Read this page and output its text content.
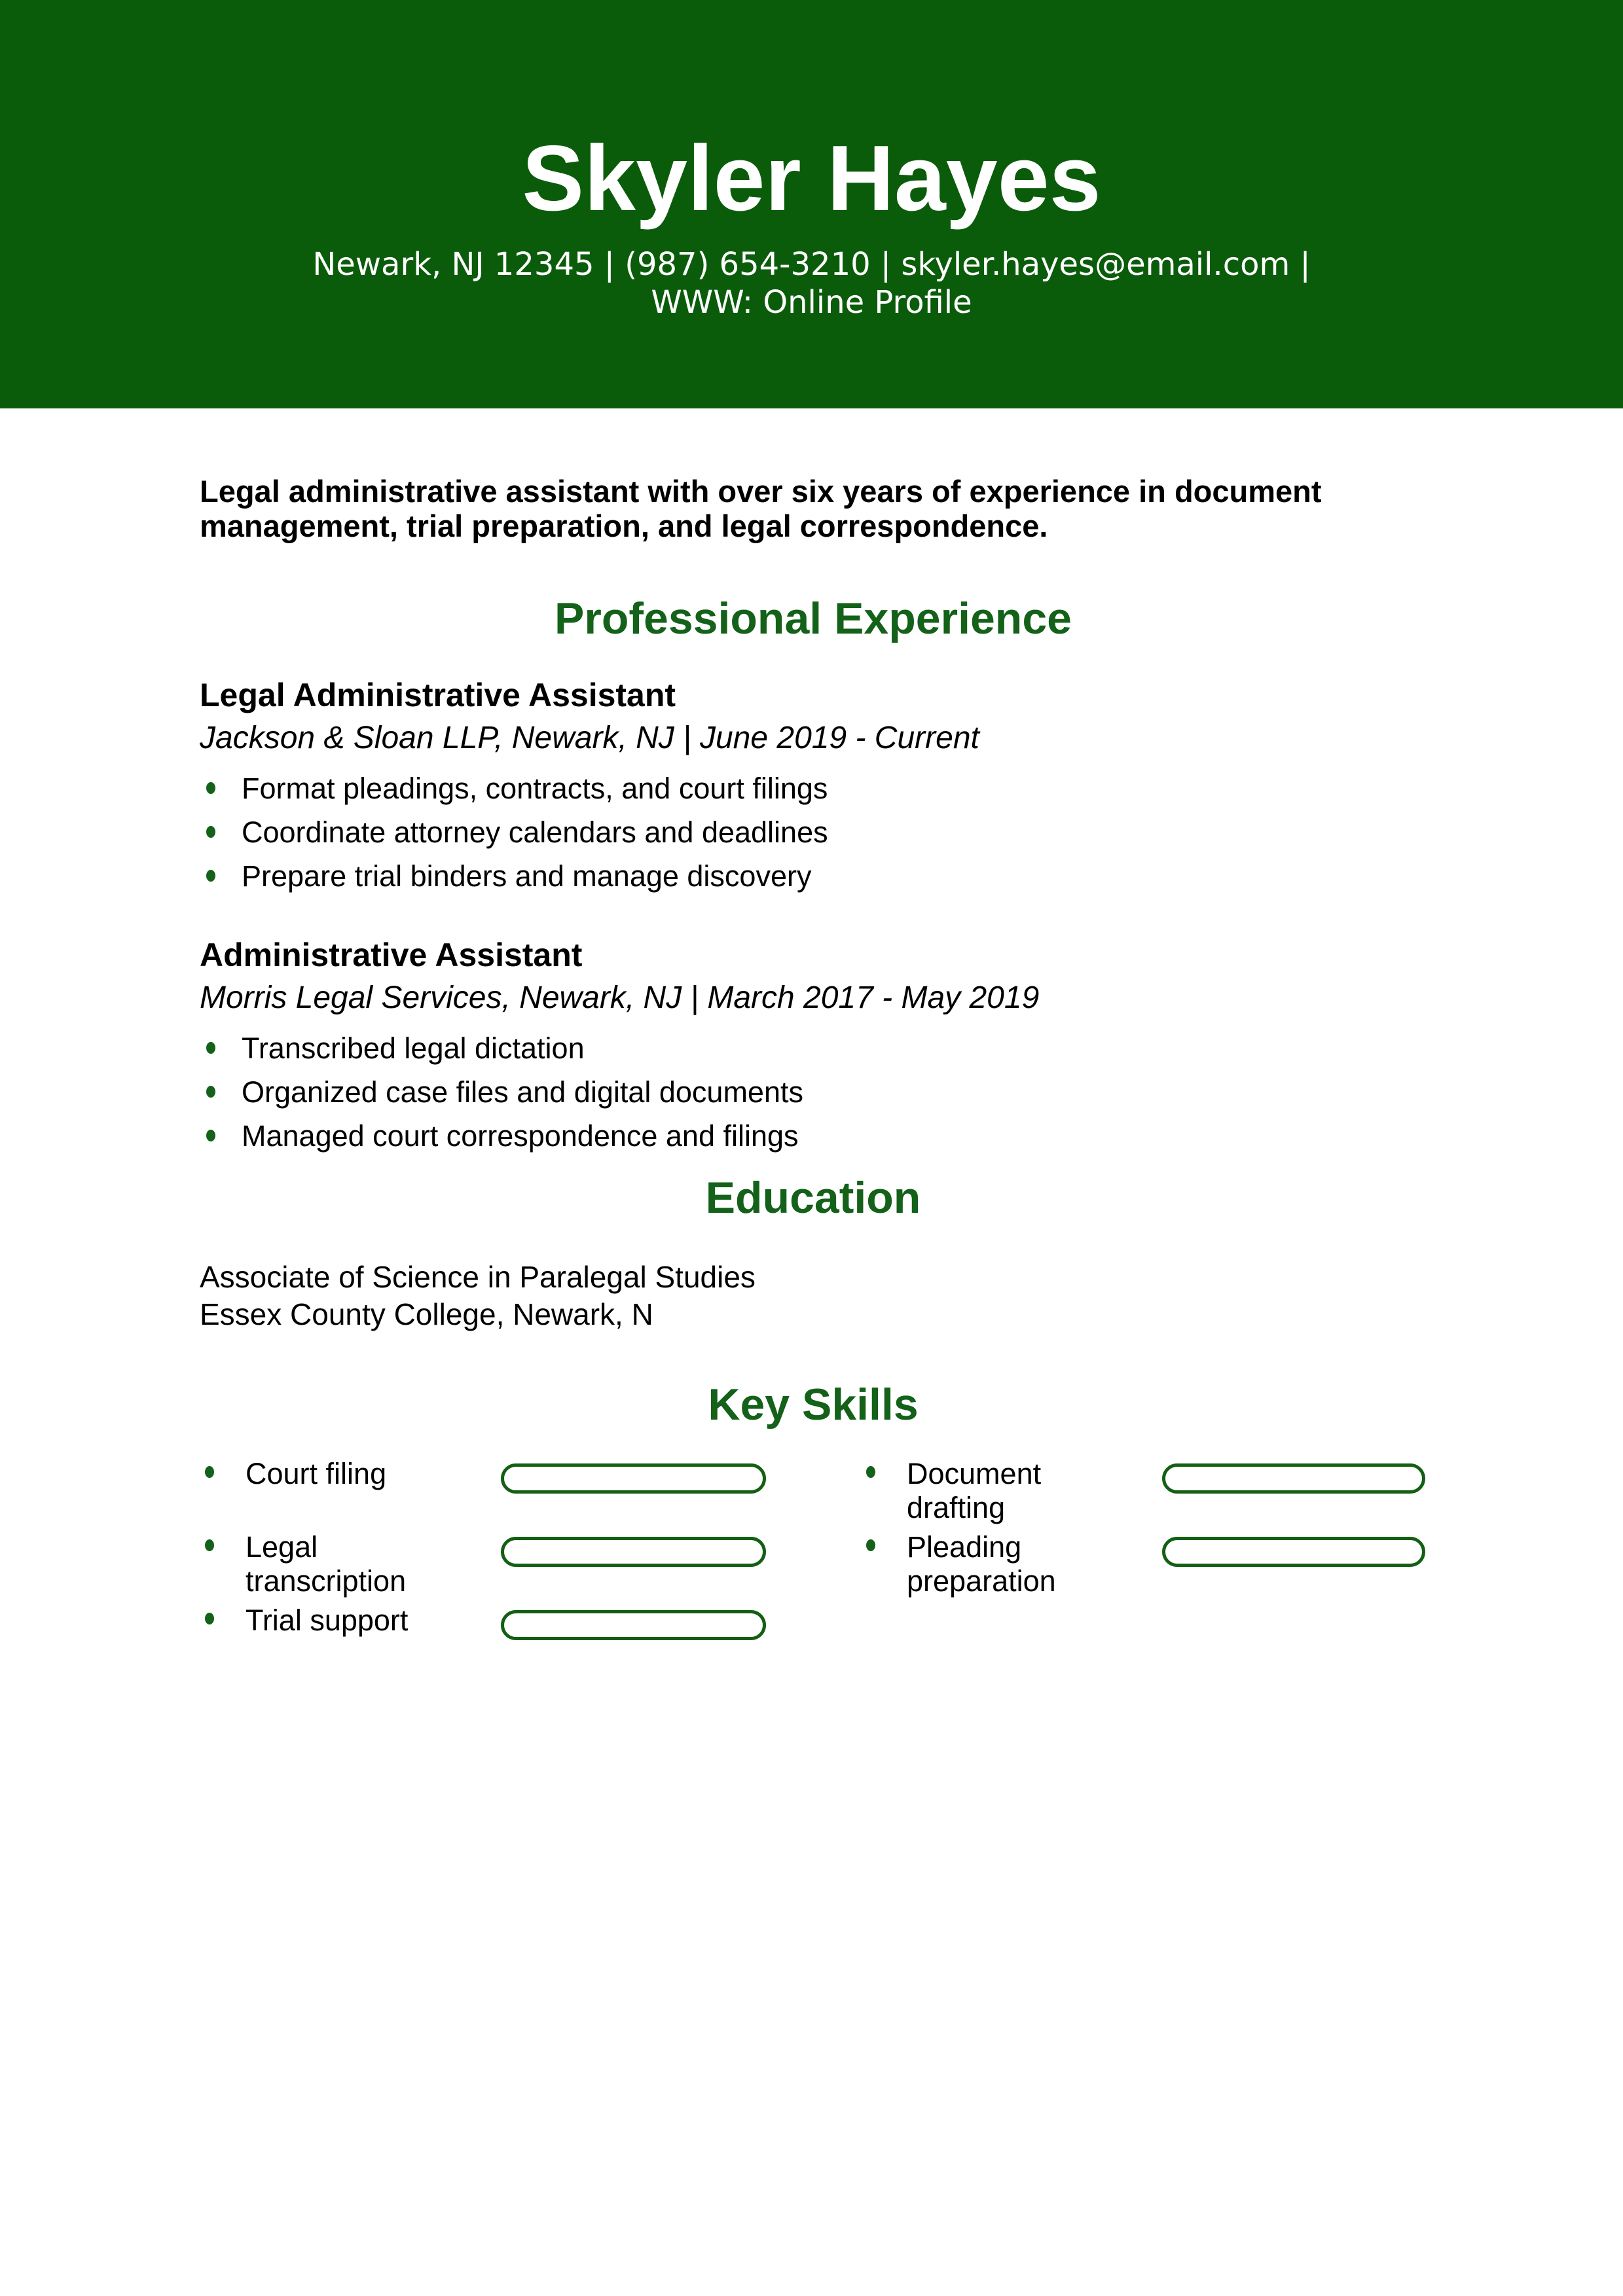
Skyler Hayes
Newark, NJ 12345 | (987) 654-3210 | skyler.hayes@email.com |
WWW: Online Profile
Legal administrative assistant with over six years of experience in document management, trial preparation, and legal correspondence.
Professional Experience
Legal Administrative Assistant
Jackson & Sloan LLP, Newark, NJ | June 2019 - Current
Format pleadings, contracts, and court filings
Coordinate attorney calendars and deadlines
Prepare trial binders and manage discovery
Administrative Assistant
Morris Legal Services, Newark, NJ | March 2017 - May 2019
Transcribed legal dictation
Organized case files and digital documents
Managed court correspondence and filings
Education
Associate of Science in Paralegal Studies
Essex County College, Newark, N
Key Skills
Court filing	Document drafting
Legal transcription
Pleading preparation
Trial support
